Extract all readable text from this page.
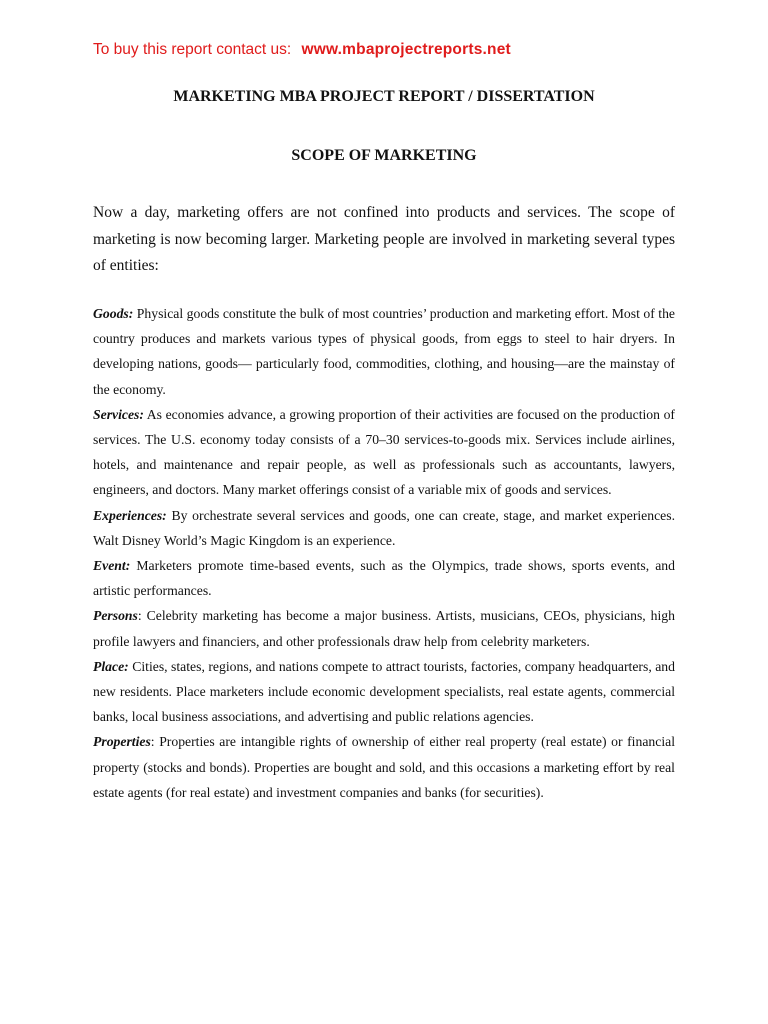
To buy this report contact us: www.mbaprojectreports.net
MARKETING MBA PROJECT REPORT / DISSERTATION
SCOPE OF MARKETING

Now a day, marketing offers are not confined into products and services. The scope of marketing is now becoming larger. Marketing people are involved in marketing several types of entities:

Goods: Physical goods constitute the bulk of most countries’ production and marketing effort. Most of the country produces and markets various types of physical goods, from eggs to steel to hair dryers. In developing nations, goods— particularly food, commodities, clothing, and housing—are the mainstay of the economy.

Services: As economies advance, a growing proportion of their activities are focused on the production of services. The U.S. economy today consists of a 70–30 services-to-goods mix. Services include airlines, hotels, and maintenance and repair people, as well as professionals such as accountants, lawyers, engineers, and doctors. Many market offerings consist of a variable mix of goods and services.

Experiences: By orchestrate several services and goods, one can create, stage, and market experiences. Walt Disney World’s Magic Kingdom is an experience.

Event: Marketers promote time-based events, such as the Olympics, trade shows, sports events, and artistic performances.

Persons: Celebrity marketing has become a major business. Artists, musicians, CEOs, physicians, high profile lawyers and financiers, and other professionals draw help from celebrity marketers.

Place: Cities, states, regions, and nations compete to attract tourists, factories, company headquarters, and new residents. Place marketers include economic development specialists, real estate agents, commercial banks, local business associations, and advertising and public relations agencies.

Properties: Properties are intangible rights of ownership of either real property (real estate) or financial property (stocks and bonds). Properties are bought and sold, and this occasions a marketing effort by real estate agents (for real estate) and investment companies and banks (for securities).
